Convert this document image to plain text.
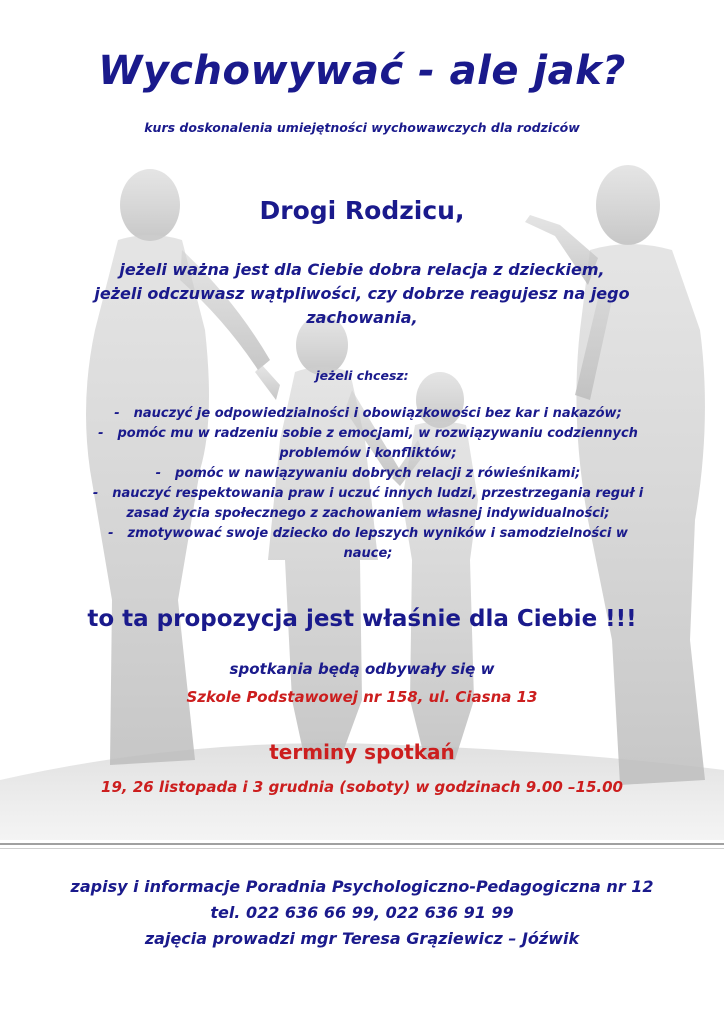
Wychowywać - ale jak?
kurs doskonalenia umiejętności wychowawczych dla rodziców
Drogi Rodzicu,
jeżeli ważna jest dla Ciebie dobra relacja z dzieckiem,
jeżeli odczuwasz wątpliwości, czy dobrze reagujesz na jego zachowania,
jeżeli chcesz:
- nauczyć je odpowiedzialności i obowiązkowości bez kar i nakazów;
- pomóc mu w radzeniu sobie z emocjami, w rozwiązywaniu codziennych problemów i konfliktów;
- pomóc w nawiązywaniu dobrych relacji z rówieśnikami;
- nauczyć respektowania praw i uczuć innych ludzi, przestrzegania reguł i zasad życia społecznego z zachowaniem własnej indywidualności;
- zmotywować swoje dziecko do lepszych wyników i samodzielności w nauce;
to ta propozycja jest właśnie dla Ciebie !!!
spotkania będą odbywały się w
Szkole Podstawowej nr 158, ul. Ciasna 13
terminy spotkań
19, 26 listopada i 3 grudnia (soboty) w godzinach 9.00 –15.00
zapisy i informacje Poradnia Psychologiczno-Pedagogiczna nr 12
tel. 022 636 66 99, 022 636 91 99
zajęcia prowadzi mgr Teresa Grąziewicz – Jóźwik
